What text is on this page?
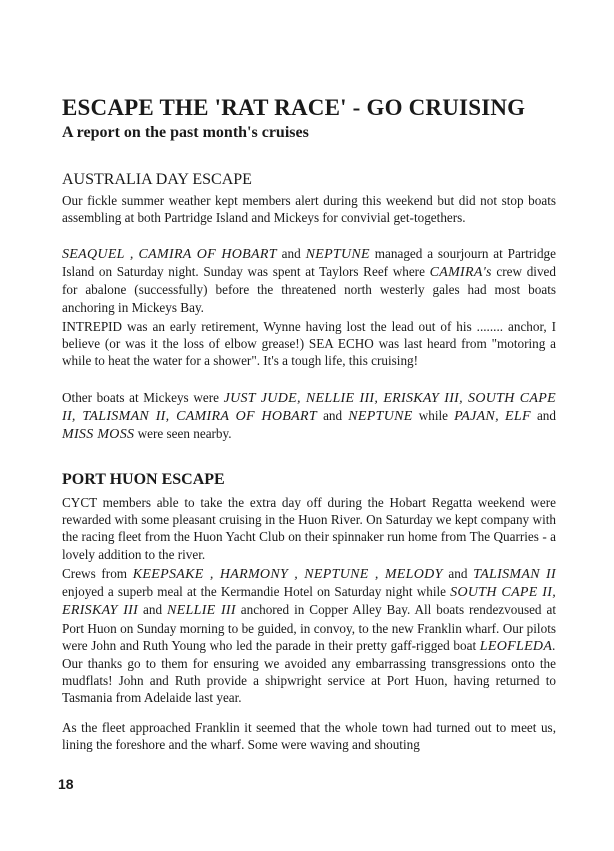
ESCAPE THE 'RAT RACE' - GO CRUISING
A report on the past month's cruises
AUSTRALIA DAY ESCAPE
Our fickle summer weather kept members alert during this weekend but did not stop boats assembling at both Partridge Island and Mickeys for convivial get-togethers.
SEAQUEL , CAMIRA OF HOBART and NEPTUNE managed a sourjourn at Partridge Island on Saturday night. Sunday was spent at Taylors Reef where CAMIRA's crew dived for abalone (successfully) before the threatened north westerly gales had most boats anchoring in Mickeys Bay.
INTREPID was an early retirement, Wynne having lost the lead out of his ........ anchor, I believe (or was it the loss of elbow grease!) SEA ECHO was last heard from "motoring a while to heat the water for a shower". It's a tough life, this cruising!
Other boats at Mickeys were JUST JUDE, NELLIE III, ERISKAY III, SOUTH CAPE II, TALISMAN II, CAMIRA OF HOBART and NEPTUNE while PAJAN, ELF and MISS MOSS were seen nearby.
PORT HUON ESCAPE
CYCT members able to take the extra day off during the Hobart Regatta weekend were rewarded with some pleasant cruising in the Huon River. On Saturday we kept company with the racing fleet from the Huon Yacht Club on their spinnaker run home from The Quarries - a lovely addition to the river.
Crews from KEEPSAKE , HARMONY , NEPTUNE , MELODY and TALISMAN II enjoyed a superb meal at the Kermandie Hotel on Saturday night while SOUTH CAPE II, ERISKAY III and NELLIE III anchored in Copper Alley Bay. All boats rendezvoused at Port Huon on Sunday morning to be guided, in convoy, to the new Franklin wharf. Our pilots were John and Ruth Young who led the parade in their pretty gaff-rigged boat LEOFLEDA. Our thanks go to them for ensuring we avoided any embarrassing transgressions onto the mudflats! John and Ruth provide a shipwright service at Port Huon, having returned to Tasmania from Adelaide last year.
As the fleet approached Franklin it seemed that the whole town had turned out to meet us, lining the foreshore and the wharf. Some were waving and shouting
18
